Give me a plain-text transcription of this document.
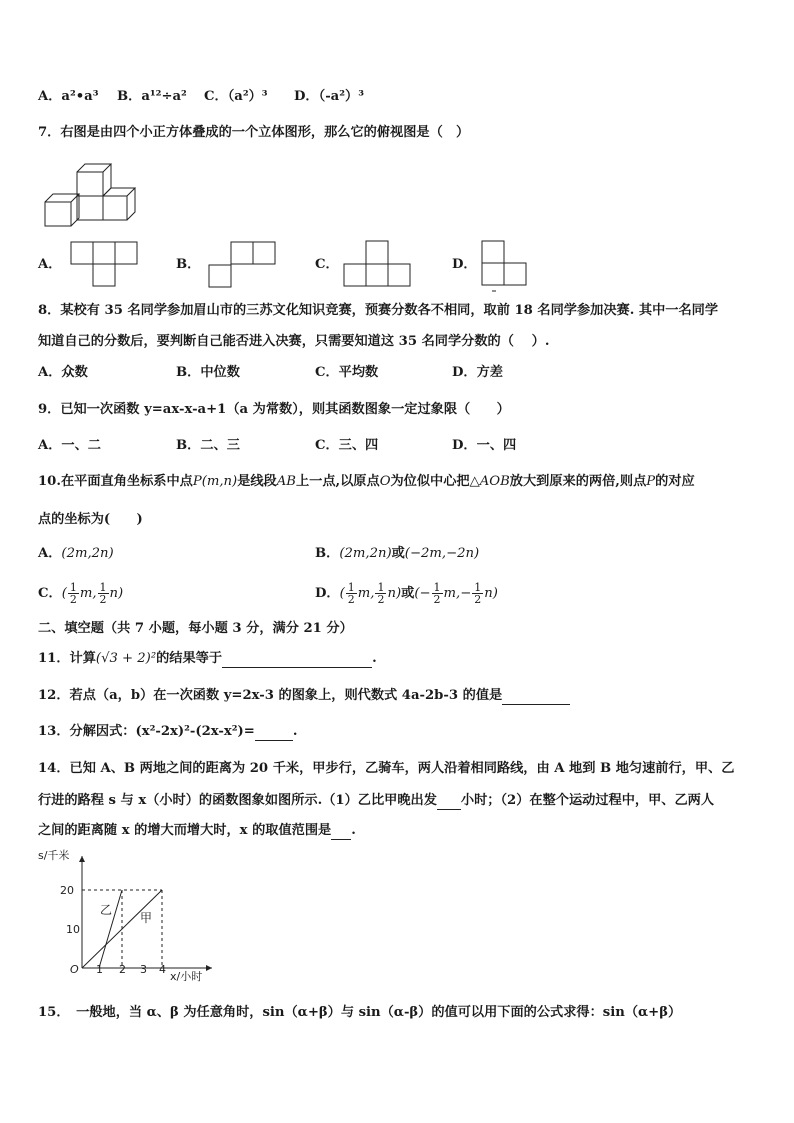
A．a²•a³ B．a¹²÷a² C．（a²）³ D．（-a²）³
7．右图是由四个小正方体叠成的一个立体图形，那么它的俯视图是（　）
A．	B．	C．	D．
8．某校有 35 名同学参加眉山市的三苏文化知识竞赛，预赛分数各不相同，取前 18 名同学参加决赛. 其中一名同学
知道自己的分数后，要判断自己能否进入决赛，只需要知道这 35 名同学分数的（　 ）.
A．众数	B．中位数	C．平均数	D．方差
9．已知一次函数 y=ax-x-a+1（a 为常数），则其函数图象一定过象限（　　）
A．一、二	B．二、三	C．三、四	D．一、四
10.在平面直角坐标系中点P(m,n)是线段AB上一点,以原点O为位似中心把△AOB放大到原来的两倍,则点P的对应
点的坐标为(　　)
A．(2m,2n)	B．(2m,2n)或(−2m,−2n)
C．( $\frac{1}{2} m$, $\frac{1}{2} n$)	D．( $\frac{1}{2} m$, $\frac{1}{2} n$)或(− $\frac{1}{2} m,- \frac{1}{2} n$)
二、填空题（共 7 小题，每小题 3 分，满分 21 分）
11．计算(√3 + 2)²的结果等于	.
12．若点（a，b）在一次函数 y=2x-3 的图象上，则代数式 4a-2b-3 的值是
13．分解因式：(x²-2x)²-(2x-x²)=	.
14．已知 A、B 两地之间的距离为 20 千米，甲步行，乙骑车，两人沿着相同路线，由 A 地到 B 地匀速前行，甲、乙
行进的路程 s 与 x（小时）的函数图象如图所示.（1）乙比甲晚出发 小时；（2）在整个运动过程中，甲、乙两人
之间的距离随 x 的增大而增大时，x 的取值范围是 .
s/千米
20
10
O 1 2 3 4
x/小时
乙
甲
15．　一般地，当 α、β 为任意角时，sin（α+β）与 sin（α-β）的值可以用下面的公式求得：sin（α+β）
